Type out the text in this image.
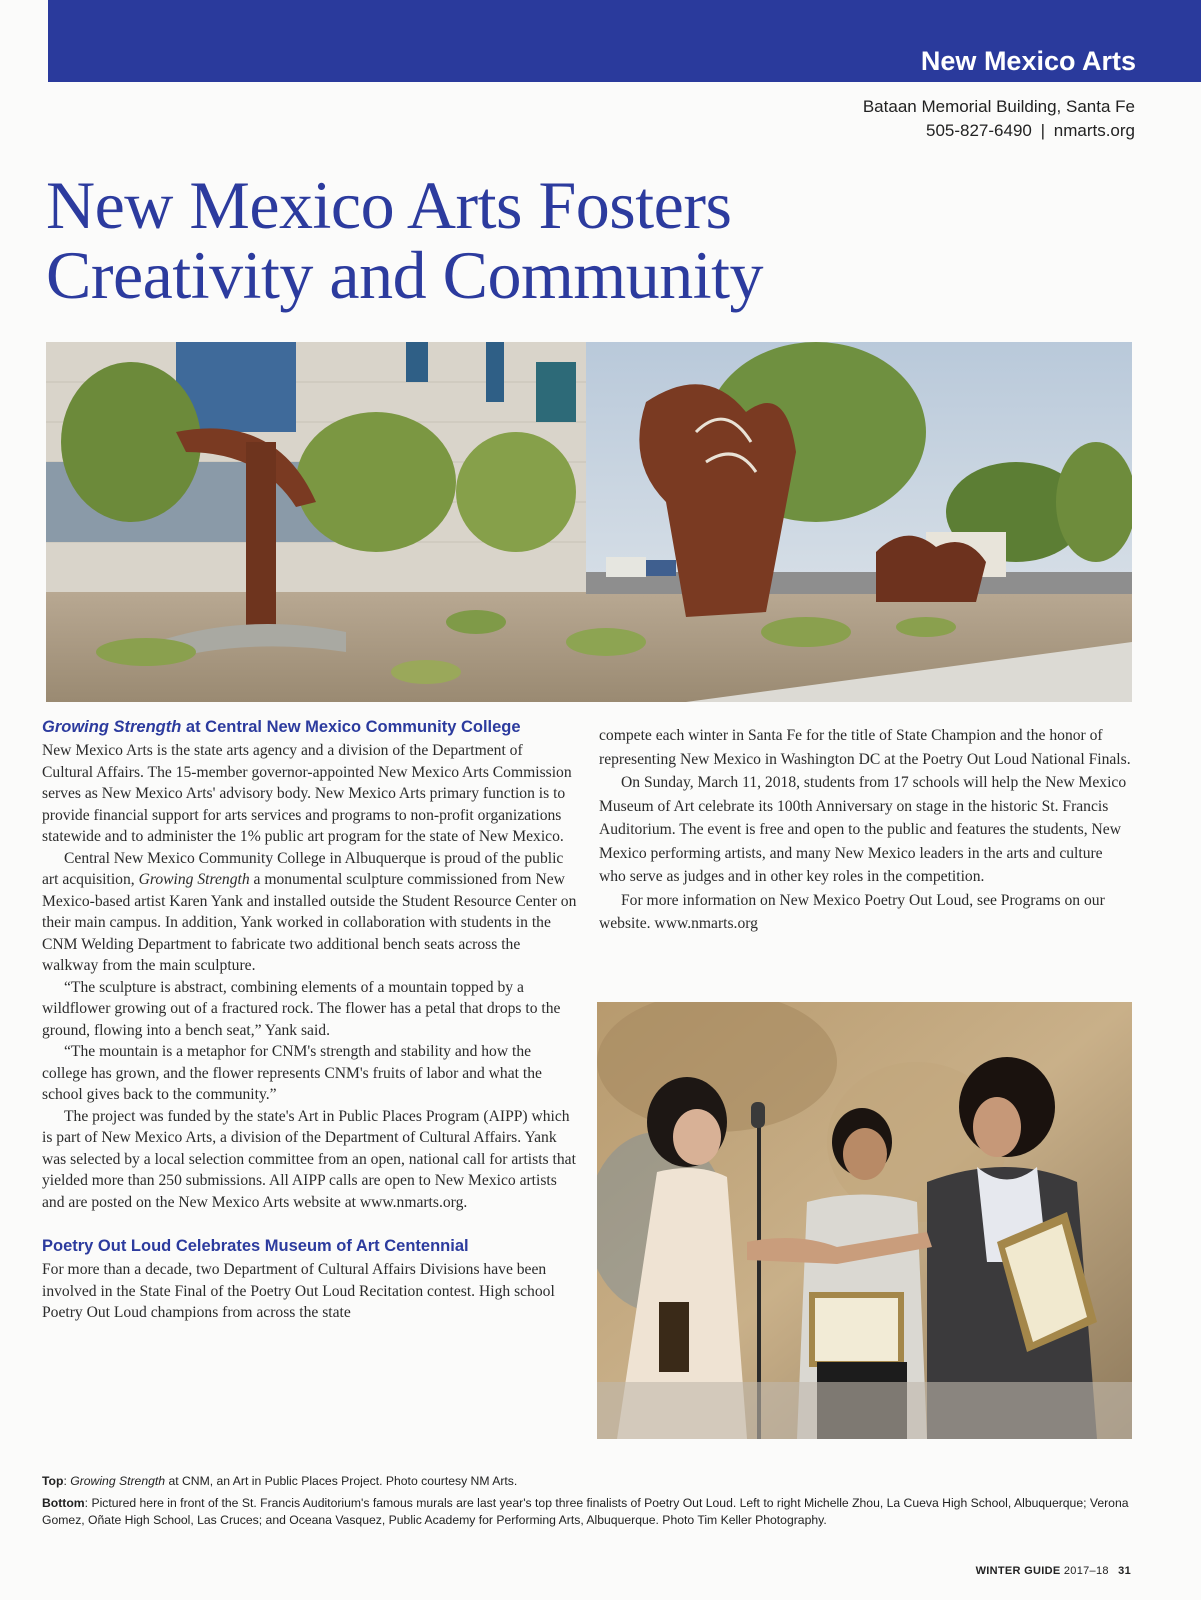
New Mexico Arts
Bataan Memorial Building, Santa Fe
505-827-6490 | nmarts.org
New Mexico Arts Fosters
Creativity and Community
Growing Strength at Central New Mexico Community College

New Mexico Arts is the state arts agency and a division of the Department of Cultural Affairs. The 15-member governor-appointed New Mexico Arts Commission serves as New Mexico Arts' advisory body. New Mexico Arts primary function is to provide financial support for arts services and programs to non-profit organizations statewide and to administer the 1% public art program for the state of New Mexico.

Central New Mexico Community College in Albuquerque is proud of the public art acquisition, Growing Strength a monumental sculpture commissioned from New Mexico-based artist Karen Yank and installed outside the Student Resource Center on their main campus. In addition, Yank worked in collaboration with students in the CNM Welding Department to fabricate two additional bench seats across the walkway from the main sculpture.

“The sculpture is abstract, combining elements of a mountain topped by a wildflower growing out of a fractured rock. The flower has a petal that drops to the ground, flowing into a bench seat,” Yank said.

“The mountain is a metaphor for CNM's strength and stability and how the college has grown, and the flower represents CNM's fruits of labor and what the school gives back to the community.”

The project was funded by the state's Art in Public Places Program (AIPP) which is part of New Mexico Arts, a division of the Department of Cultural Affairs. Yank was selected by a local selection committee from an open, national call for artists that yielded more than 250 submissions. All AIPP calls are open to New Mexico artists and are posted on the New Mexico Arts website at www.nmarts.org.

Poetry Out Loud Celebrates Museum of Art Centennial

For more than a decade, two Department of Cultural Affairs Divisions have been involved in the State Final of the Poetry Out Loud Recitation contest. High school Poetry Out Loud champions from across the state

compete each winter in Santa Fe for the title of State Champion and the honor of representing New Mexico in Washington DC at the Poetry Out Loud National Finals.

On Sunday, March 11, 2018, students from 17 schools will help the New Mexico Museum of Art celebrate its 100th Anniversary on stage in the historic St. Francis Auditorium. The event is free and open to the public and features the students, New Mexico performing artists, and many New Mexico leaders in the arts and culture who serve as judges and in other key roles in the competition.

For more information on New Mexico Poetry Out Loud, see Programs on our website. www.nmarts.org

Top: Growing Strength at CNM, an Art in Public Places Project. Photo courtesy NM Arts.

Bottom: Pictured here in front of the St. Francis Auditorium's famous murals are last year's top three finalists of Poetry Out Loud. Left to right Michelle Zhou, La Cueva High School, Albuquerque; Verona Gomez, Oñate High School, Las Cruces; and Oceana Vasquez, Public Academy for Performing Arts, Albuquerque. Photo Tim Keller Photography.

WINTER GUIDE 2017–18 31
